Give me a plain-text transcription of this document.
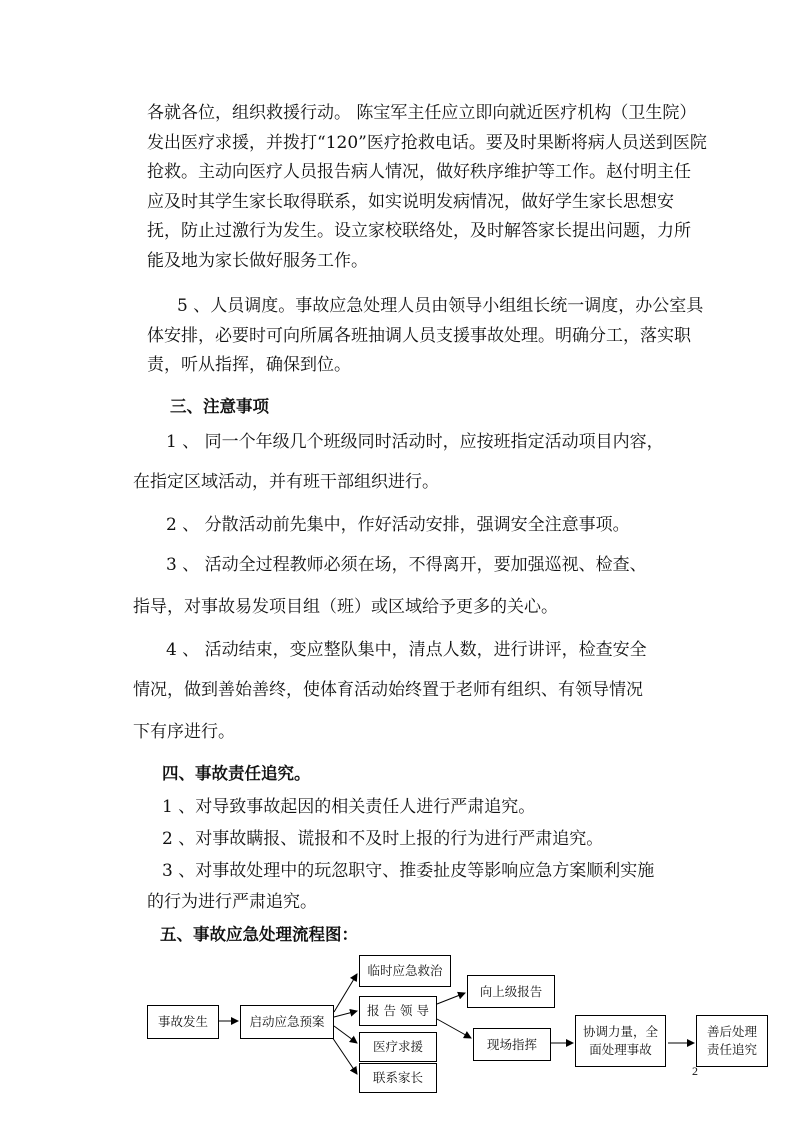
各就各位，组织救援行动。 陈宝军主任应立即向就近医疗机构（卫生院）发出医疗求援，并拨打“120”医疗抢救电话。要及时果断将病人员送到医院抢救。主动向医疗人员报告病人情况，做好秩序维护等工作。赵付明主任应及时其学生家长取得联系，如实说明发病情况，做好学生家长思想安抚，防止过激行为发生。设立家校联络处，及时解答家长提出问题，力所能及地为家长做好服务工作。
5 、人员调度。事故应急处理人员由领导小组组长统一调度，办公室具体安排，必要时可向所属各班抽调人员支援事故处理。明确分工，落实职责，听从指挥，确保到位。
三、注意事项
1 、 同一个年级几个班级同时活动时，应按班指定活动项目内容，
在指定区域活动，并有班干部组织进行。
2 、 分散活动前先集中，作好活动安排，强调安全注意事项。
3 、 活动全过程教师必须在场，不得离开，要加强巡视、检查、
指导，对事故易发项目组（班）或区域给予更多的关心。
4 、 活动结束，变应整队集中，清点人数，进行讲评，检查安全
情况，做到善始善终，使体育活动始终置于老师有组织、有领导情况
下有序进行。
四、事故责任追究。
1 、对导致事故起因的相关责任人进行严肃追究。
2 、对事故瞒报、谎报和不及时上报的行为进行严肃追究。
3 、对事故处理中的玩忽职守、推委扯皮等影响应急方案顺利实施
的行为进行严肃追究。
五、事故应急处理流程图：
事故发生	启动应急预案
临时应急救治
报 告 领 导
医疗求援
联系家长
向上级报告
现场指挥
协调力量，全面处理事故
善后处理责任追究
2
